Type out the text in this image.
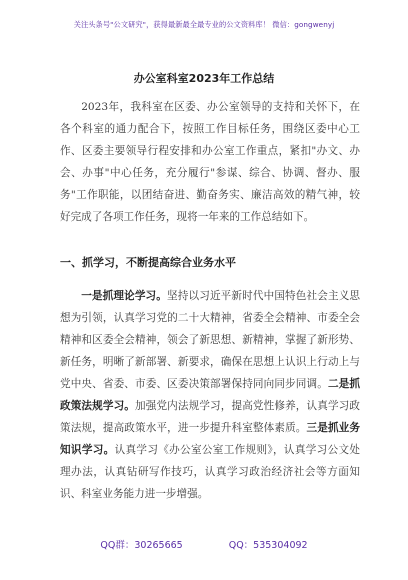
关注头条号"公文研究"，获得最新最全最专业的公文资料库！ 微信：gongwenyj
办公室科室2023年工作总结
2023年，我科室在区委、办公室领导的支持和关怀下，在各个科室的通力配合下，按照工作目标任务，围绕区委中心工作、区委主要领导行程安排和办公室工作重点，紧扣"办文、办会、办事"中心任务，充分履行"参谋、综合、协调、督办、服务"工作职能，以团结奋进、勤奋务实、廉洁高效的精气神，较好完成了各项工作任务，现将一年来的工作总结如下。
一、抓学习，不断提高综合业务水平
一是抓理论学习。坚持以习近平新时代中国特色社会主义思想为引领，认真学习党的二十大精神，省委全会精神、市委全会精神和区委全会精神，领会了新思想、新精神，掌握了新形势、新任务，明晰了新部署、新要求，确保在思想上认识上行动上与党中央、省委、市委、区委决策部署保持同向同步同调。二是抓政策法规学习。加强党内法规学习，提高党性修养，认真学习政策法规，提高政策水平，进一步提升科室整体素质。三是抓业务知识学习。认真学习《办公室公室工作规则》，认真学习公文处理办法，认真钻研写作技巧，认真学习政治经济社会等方面知识、科室业务能力进一步增强。
QQ群：30265665	QQ：535304092
